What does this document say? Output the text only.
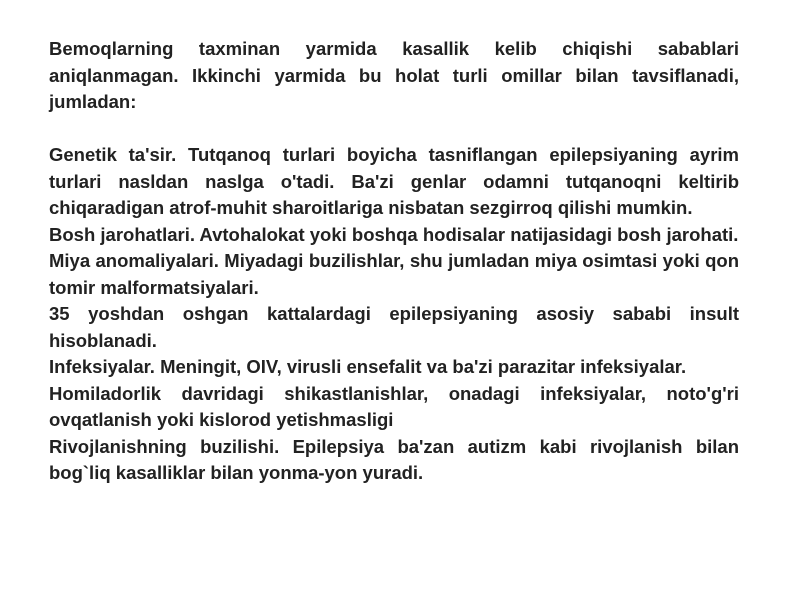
Bemoqlarning taxminan yarmida kasallik kelib chiqishi sabablari aniqlanmagan. Ikkinchi yarmida bu holat turli omillar bilan tavsiflanadi, jumladan:

Genetik ta'sir. Tutqanoq turlari boyicha tasniflangan epilepsiyaning ayrim turlari nasldan naslga o'tadi. Ba'zi genlar odamni tutqanoqni keltirib chiqaradigan atrof-muhit sharoitlariga nisbatan sezgirroq qilishi mumkin.

Bosh jarohatlari. Avtohalokat yoki boshqa hodisalar natijasidagi bosh jarohati.

Miya anomaliyalari. Miyadagi buzilishlar, shu jumladan miya osimtasi yoki qon tomir malformatsiyalari.

35 yoshdan oshgan kattalardagi epilepsiyaning asosiy sababi insult hisoblanadi.

Infeksiyalar. Meningit, OIV, virusli ensefalit va ba'zi parazitar infeksiyalar.

Homiladorlik davridagi shikastlanishlar, onadagi infeksiyalar, noto'g'ri ovqatlanish yoki kislorod yetishmasligi

Rivojlanishning buzilishi. Epilepsiya ba'zan autizm kabi rivojlanish bilan bog`liq kasalliklar bilan yonma-yon yuradi.
